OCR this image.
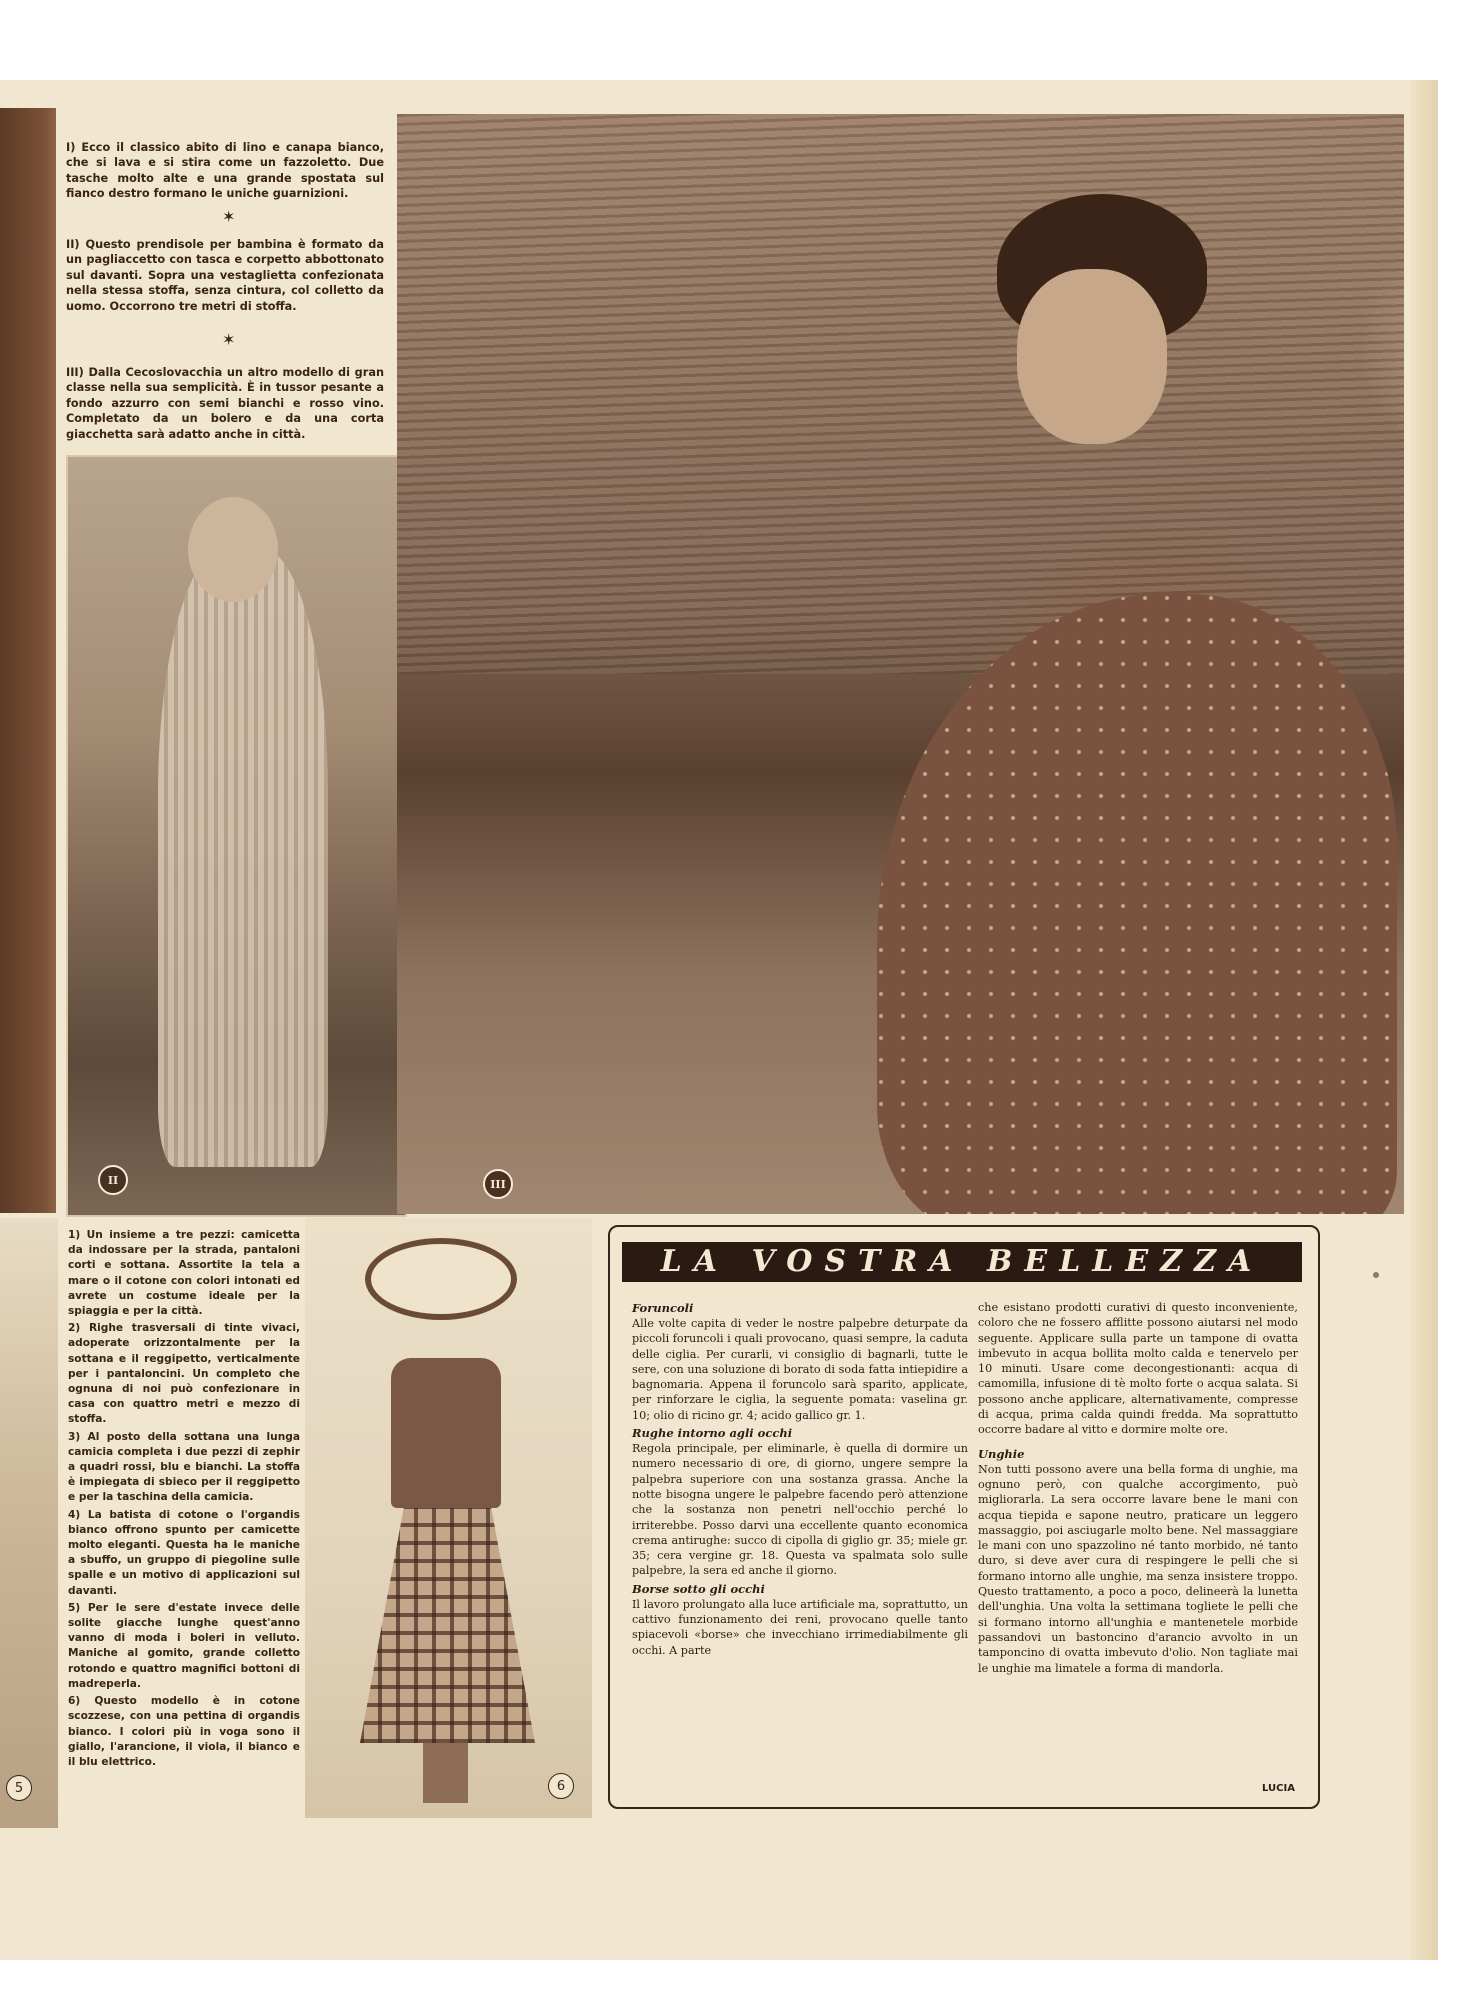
I) Ecco il classico abito di lino e canapa bianco, che si lava e si stira come un fazzoletto. Due tasche molto alte e una grande spostata sul fianco destro formano le uniche guarnizioni.

✶

II) Questo prendisole per bambina è formato da un pagliaccetto con tasca e corpetto abbottonato sul davanti. Sopra una vestaglietta confezionata nella stessa stoffa, senza cintura, col colletto da uomo. Occorrono tre metri di stoffa.

✶

III) Dalla Cecoslovacchia un altro modello di gran classe nella sua semplicità. È in tussor pesante a fondo azzurro con semi bianchi e rosso vino. Completato da un bolero e da una corta giacchetta sarà adatto anche in città.

II	III

1) Un insieme a tre pezzi: camicetta da indossare per la strada, pantaloni corti e sottana. Assortite la tela a mare o il cotone con colori intonati ed avrete un costume ideale per la spiaggia e per la città.

2) Righe trasversali di tinte vivaci, adoperate orizzontalmente per la sottana e il reggipetto, verticalmente per i pantaloncini. Un completo che ognuna di noi può confezionare in casa con quattro metri e mezzo di stoffa.

3) Al posto della sottana una lunga camicia completa i due pezzi di zephir a quadri rossi, blu e bianchi. La stoffa è impiegata di sbieco per il reggipetto e per la taschina della camicia.

4) La batista di cotone o l'organdis bianco offrono spunto per camicette molto eleganti. Questa ha le maniche a sbuffo, un gruppo di piegoline sulle spalle e un motivo di applicazioni sul davanti.

5) Per le sere d'estate invece delle solite giacche lunghe quest'anno vanno di moda i boleri in velluto. Maniche al gomito, grande colletto rotondo e quattro magnifici bottoni di madreperla.

6) Questo modello è in cotone scozzese, con una pettina di organdis bianco. I colori più in voga sono il giallo, l'arancione, il viola, il bianco e il blu elettrico.

5	6
LA VOSTRA BELLEZZA
Foruncoli

Alle volte capita di veder le nostre palpebre deturpate da piccoli foruncoli i quali provocano, quasi sempre, la caduta delle ciglia. Per curarli, vi consiglio di bagnarli, tutte le sere, con una soluzione di borato di soda fatta intiepidire a bagnomaria. Appena il foruncolo sarà sparito, applicate, per rinforzare le ciglia, la seguente pomata: vaselina gr. 10; olio di ricino gr. 4; acido gallico gr. 1.

Rughe intorno agli occhi

Regola principale, per eliminarle, è quella di dormire un numero necessario di ore, di giorno, ungere sempre la palpebra superiore con una sostanza grassa. Anche la notte bisogna ungere le palpebre facendo però attenzione che la sostanza non penetri nell'occhio perché lo irriterebbe. Posso darvi una eccellente quanto economica crema antirughe: succo di cipolla di giglio gr. 35; miele gr. 35; cera vergine gr. 18. Questa va spalmata solo sulle palpebre, la sera ed anche il giorno.

Borse sotto gli occhi

Il lavoro prolungato alla luce artificiale ma, soprattutto, un cattivo funzionamento dei reni, provocano quelle tanto spiacevoli «borse» che invecchiano irrimediabilmente gli occhi. A parte

che esistano prodotti curativi di questo inconveniente, coloro che ne fossero afflitte possono aiutarsi nel modo seguente. Applicare sulla parte un tampone di ovatta imbevuto in acqua bollita molto calda e tenervelo per 10 minuti. Usare come decongestionanti: acqua di camomilla, infusione di tè molto forte o acqua salata. Si possono anche applicare, alternativamente, compresse di acqua, prima calda quindi fredda. Ma soprattutto occorre badare al vitto e dormire molte ore.

Unghie

Non tutti possono avere una bella forma di unghie, ma ognuno però, con qualche accorgimento, può migliorarla. La sera occorre lavare bene le mani con acqua tiepida e sapone neutro, praticare un leggero massaggio, poi asciugarle molto bene. Nel massaggiare le mani con uno spazzolino né tanto morbido, né tanto duro, si deve aver cura di respingere le pelli che si formano intorno alle unghie, ma senza insistere troppo. Questo trattamento, a poco a poco, delineerà la lunetta dell'unghia. Una volta la settimana togliete le pelli che si formano intorno all'unghia e mantenetele morbide passandovi un bastoncino d'arancio avvolto in un tamponcino di ovatta imbevuto d'olio. Non tagliate mai le unghie ma limatele a forma di mandorla.

LUCIA
